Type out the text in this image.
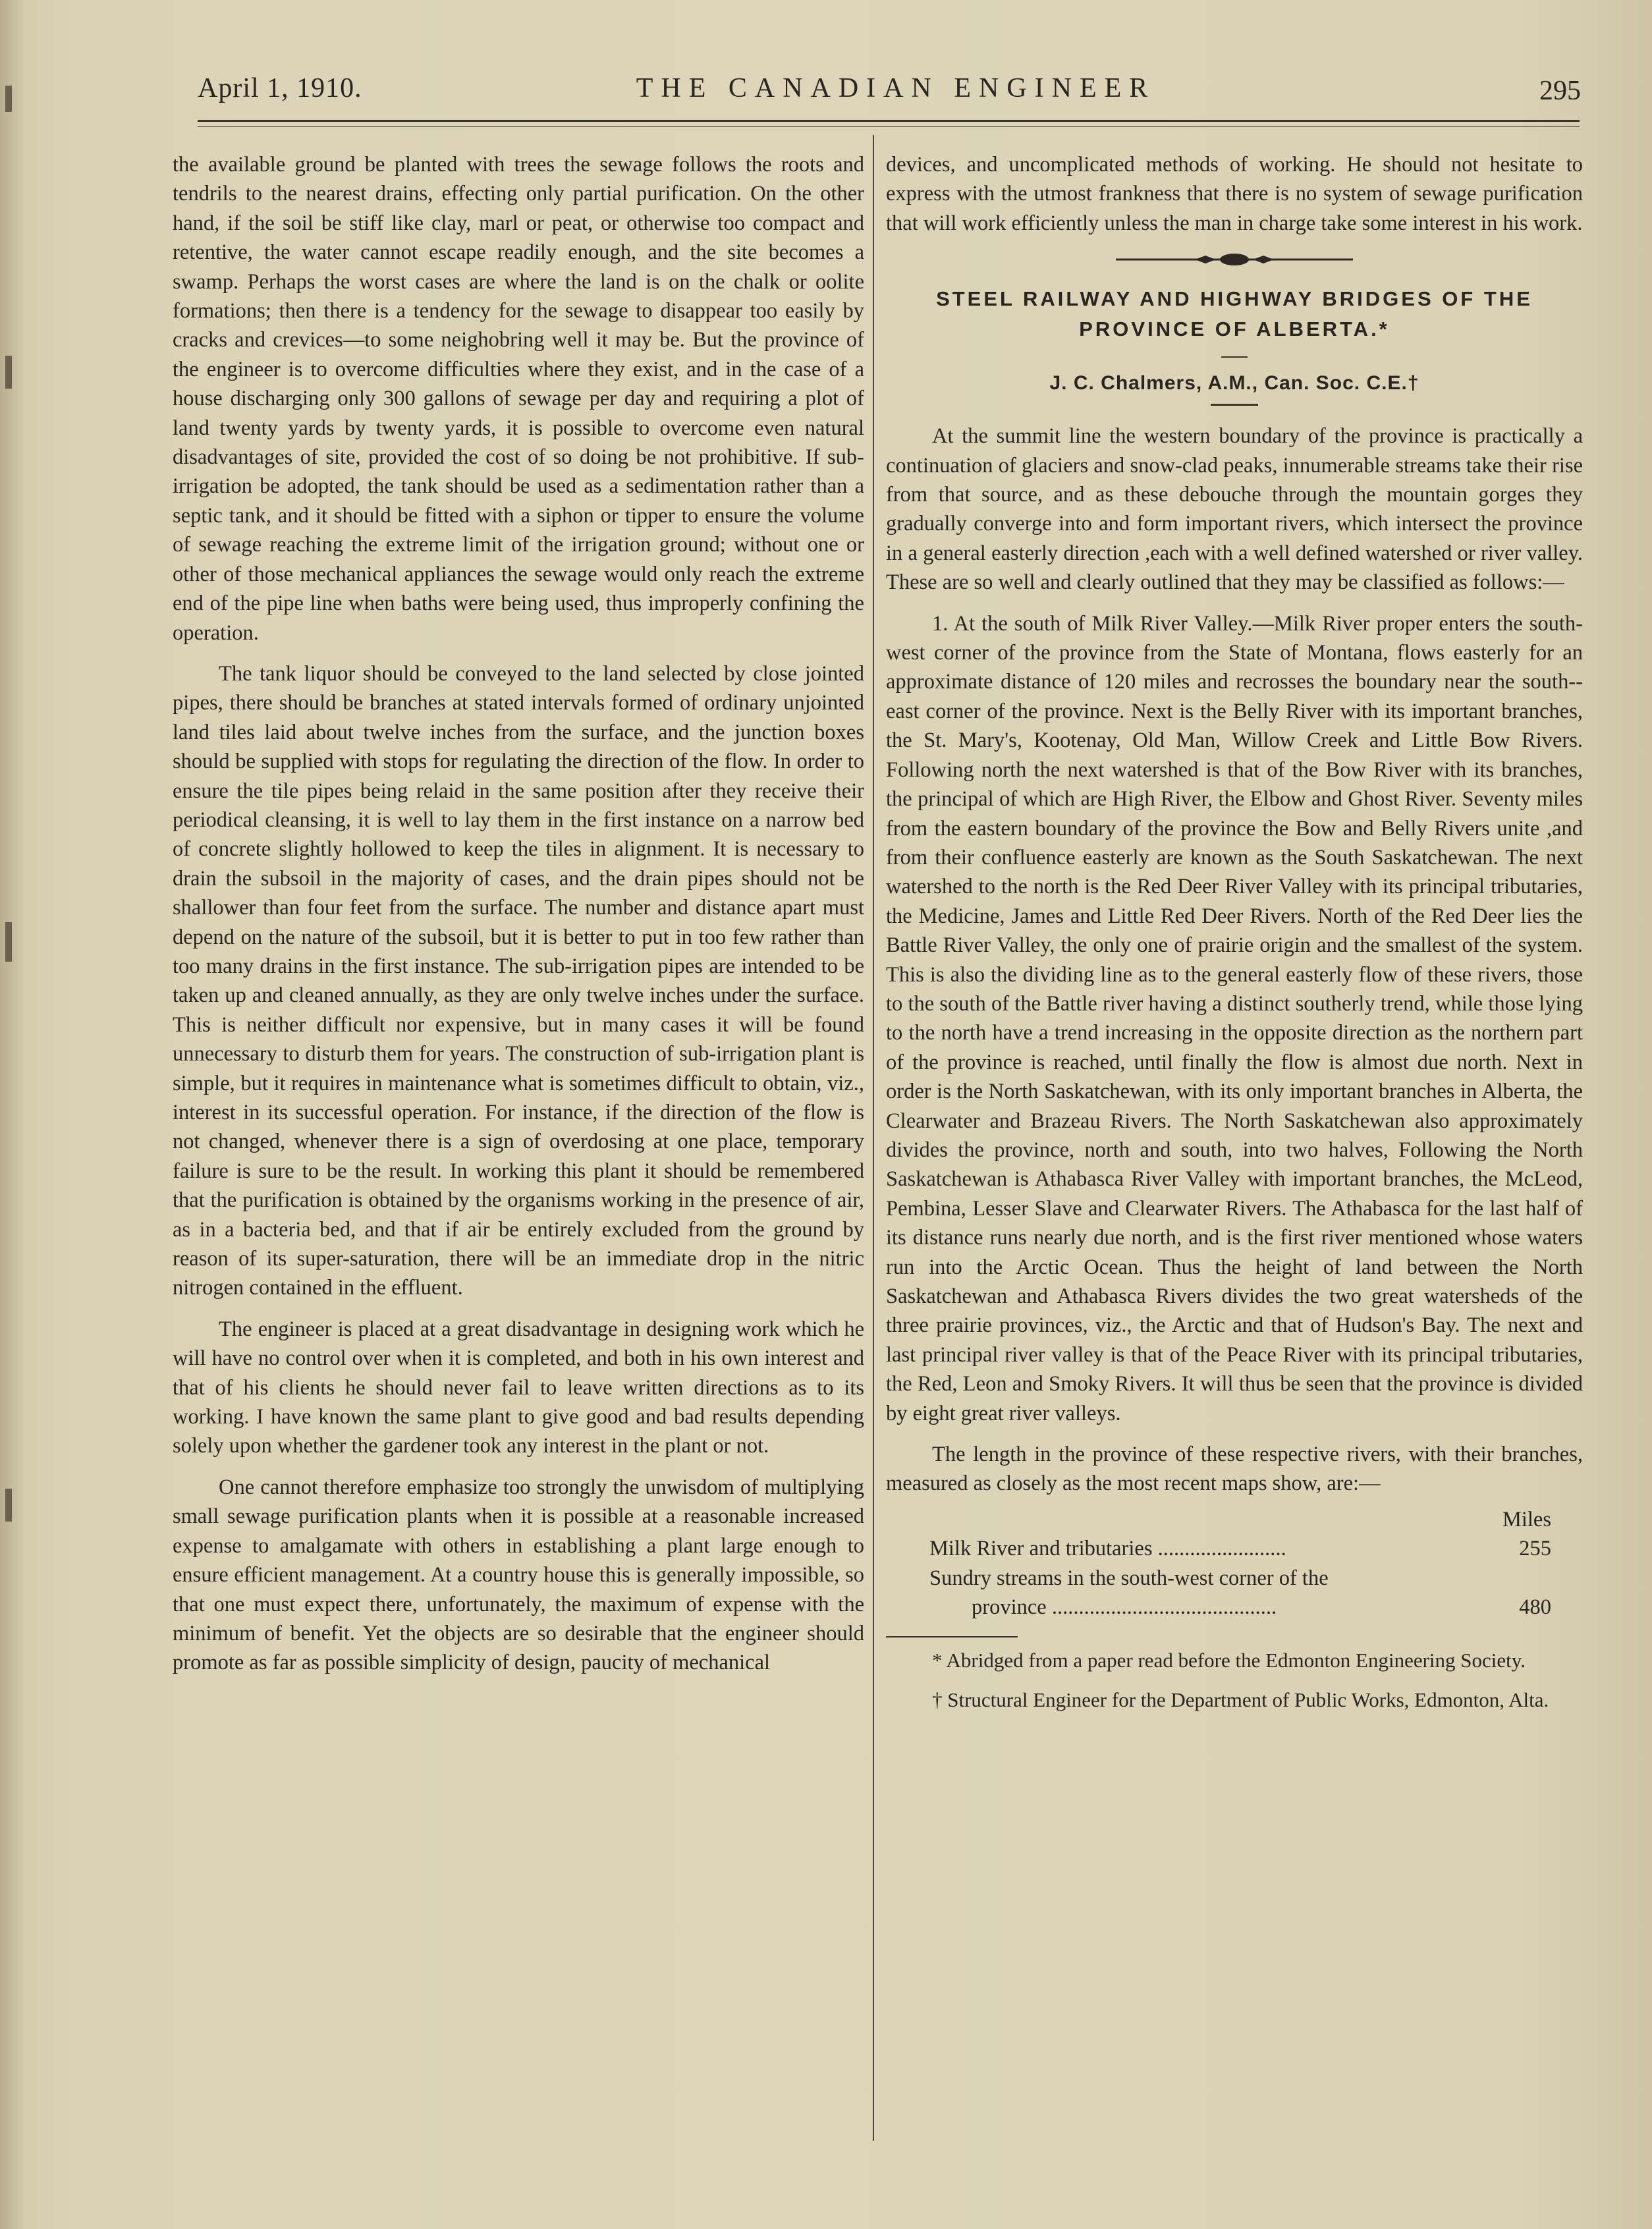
April 1, 1910.	THE CANADIAN ENGINEER	295

the available ground be planted with trees the sewage follows the roots and tendrils to the nearest drains, effecting only partial purification. On the other hand, if the soil be stiff like clay, marl or peat, or otherwise too compact and retentive, the water cannot escape readily enough, and the site becomes a swamp. Perhaps the worst cases are where the land is on the chalk or oolite formations; then there is a tendency for the sewage to disappear too easily by cracks and crevices—to some neighobring well it may be. But the province of the engineer is to overcome difficulties where they exist, and in the case of a house discharging only 300 gallons of sewage per day and requiring a plot of land twenty yards by twenty yards, it is possible to overcome even natural disadvantages of site, provided the cost of so doing be not prohibitive. If sub-irrigation be adopted, the tank should be used as a sedimentation rather than a septic tank, and it should be fitted with a siphon or tipper to ensure the volume of sewage reaching the extreme limit of the irrigation ground; without one or other of those mechanical appliances the sewage would only reach the extreme end of the pipe line when baths were being used, thus improperly confining the operation.

The tank liquor should be conveyed to the land selected by close jointed pipes, there should be branches at stated intervals formed of ordinary unjointed land tiles laid about twelve inches from the surface, and the junction boxes should be supplied with stops for regulating the direction of the flow. In order to ensure the tile pipes being relaid in the same position after they receive their periodical cleansing, it is well to lay them in the first instance on a narrow bed of concrete slightly hollowed to keep the tiles in alignment. It is necessary to drain the subsoil in the majority of cases, and the drain pipes should not be shallower than four feet from the surface. The number and distance apart must depend on the nature of the subsoil, but it is better to put in too few rather than too many drains in the first instance. The sub-irrigation pipes are intended to be taken up and cleaned annually, as they are only twelve inches under the surface. This is neither difficult nor expensive, but in many cases it will be found unnecessary to disturb them for years. The construction of sub-irrigation plant is simple, but it requires in maintenance what is sometimes difficult to obtain, viz., interest in its successful operation. For instance, if the direction of the flow is not changed, whenever there is a sign of overdosing at one place, temporary failure is sure to be the result. In working this plant it should be remembered that the purification is obtained by the organisms working in the presence of air, as in a bacteria bed, and that if air be entirely excluded from the ground by reason of its super-saturation, there will be an immediate drop in the nitric nitrogen contained in the effluent.

The engineer is placed at a great disadvantage in designing work which he will have no control over when it is completed, and both in his own interest and that of his clients he should never fail to leave written directions as to its working. I have known the same plant to give good and bad results depending solely upon whether the gardener took any interest in the plant or not.

One cannot therefore emphasize too strongly the unwisdom of multiplying small sewage purification plants when it is possible at a reasonable increased expense to amalgamate with others in establishing a plant large enough to ensure efficient management. At a country house this is generally impossible, so that one must expect there, unfortunately, the maximum of expense with the minimum of benefit. Yet the objects are so desirable that the engineer should promote as far as possible simplicity of design, paucity of mechanical

devices, and uncomplicated methods of working. He should not hesitate to express with the utmost frankness that there is no system of sewage purification that will work efficiently unless the man in charge take some interest in his work.

STEEL RAILWAY AND HIGHWAY BRIDGES OF THE PROVINCE OF ALBERTA.*
J. C. Chalmers, A.M., Can. Soc. C.E.†

At the summit line the western boundary of the province is practically a continuation of glaciers and snow-clad peaks, innumerable streams take their rise from that source, and as these debouche through the mountain gorges they gradually converge into and form important rivers, which intersect the province in a general easterly direction ,each with a well defined watershed or river valley. These are so well and clearly outlined that they may be classified as follows:—

1. At the south of Milk River Valley.—Milk River proper enters the south-west corner of the province from the State of Montana, flows easterly for an approximate distance of 120 miles and recrosses the boundary near the south--east corner of the province. Next is the Belly River with its important branches, the St. Mary's, Kootenay, Old Man, Willow Creek and Little Bow Rivers. Following north the next watershed is that of the Bow River with its branches, the principal of which are High River, the Elbow and Ghost River. Seventy miles from the eastern boundary of the province the Bow and Belly Rivers unite ,and from their confluence easterly are known as the South Saskatchewan. The next watershed to the north is the Red Deer River Valley with its principal tributaries, the Medicine, James and Little Red Deer Rivers. North of the Red Deer lies the Battle River Valley, the only one of prairie origin and the smallest of the system. This is also the dividing line as to the general easterly flow of these rivers, those to the south of the Battle river having a distinct southerly trend, while those lying to the north have a trend increasing in the opposite direction as the northern part of the province is reached, until finally the flow is almost due north. Next in order is the North Saskatchewan, with its only important branches in Alberta, the Clearwater and Brazeau Rivers. The North Saskatchewan also approximately divides the province, north and south, into two halves, Following the North Saskatchewan is Athabasca River Valley with important branches, the McLeod, Pembina, Lesser Slave and Clearwater Rivers. The Athabasca for the last half of its distance runs nearly due north, and is the first river mentioned whose waters run into the Arctic Ocean. Thus the height of land between the North Saskatchewan and Athabasca Rivers divides the two great watersheds of the three prairie provinces, viz., the Arctic and that of Hudson's Bay. The next and last principal river valley is that of the Peace River with its principal tributaries, the Red, Leon and Smoky Rivers. It will thus be seen that the province is divided by eight great river valleys.

The length in the province of these respective rivers, with their branches, measured as closely as the most recent maps show, are:—

Miles
Milk River and tributaries ........................	255
Sundry streams in the south-west corner of the
province ..........................................	480

* Abridged from a paper read before the Edmonton Engineering Society.

† Structural Engineer for the Department of Public Works, Edmonton, Alta.
